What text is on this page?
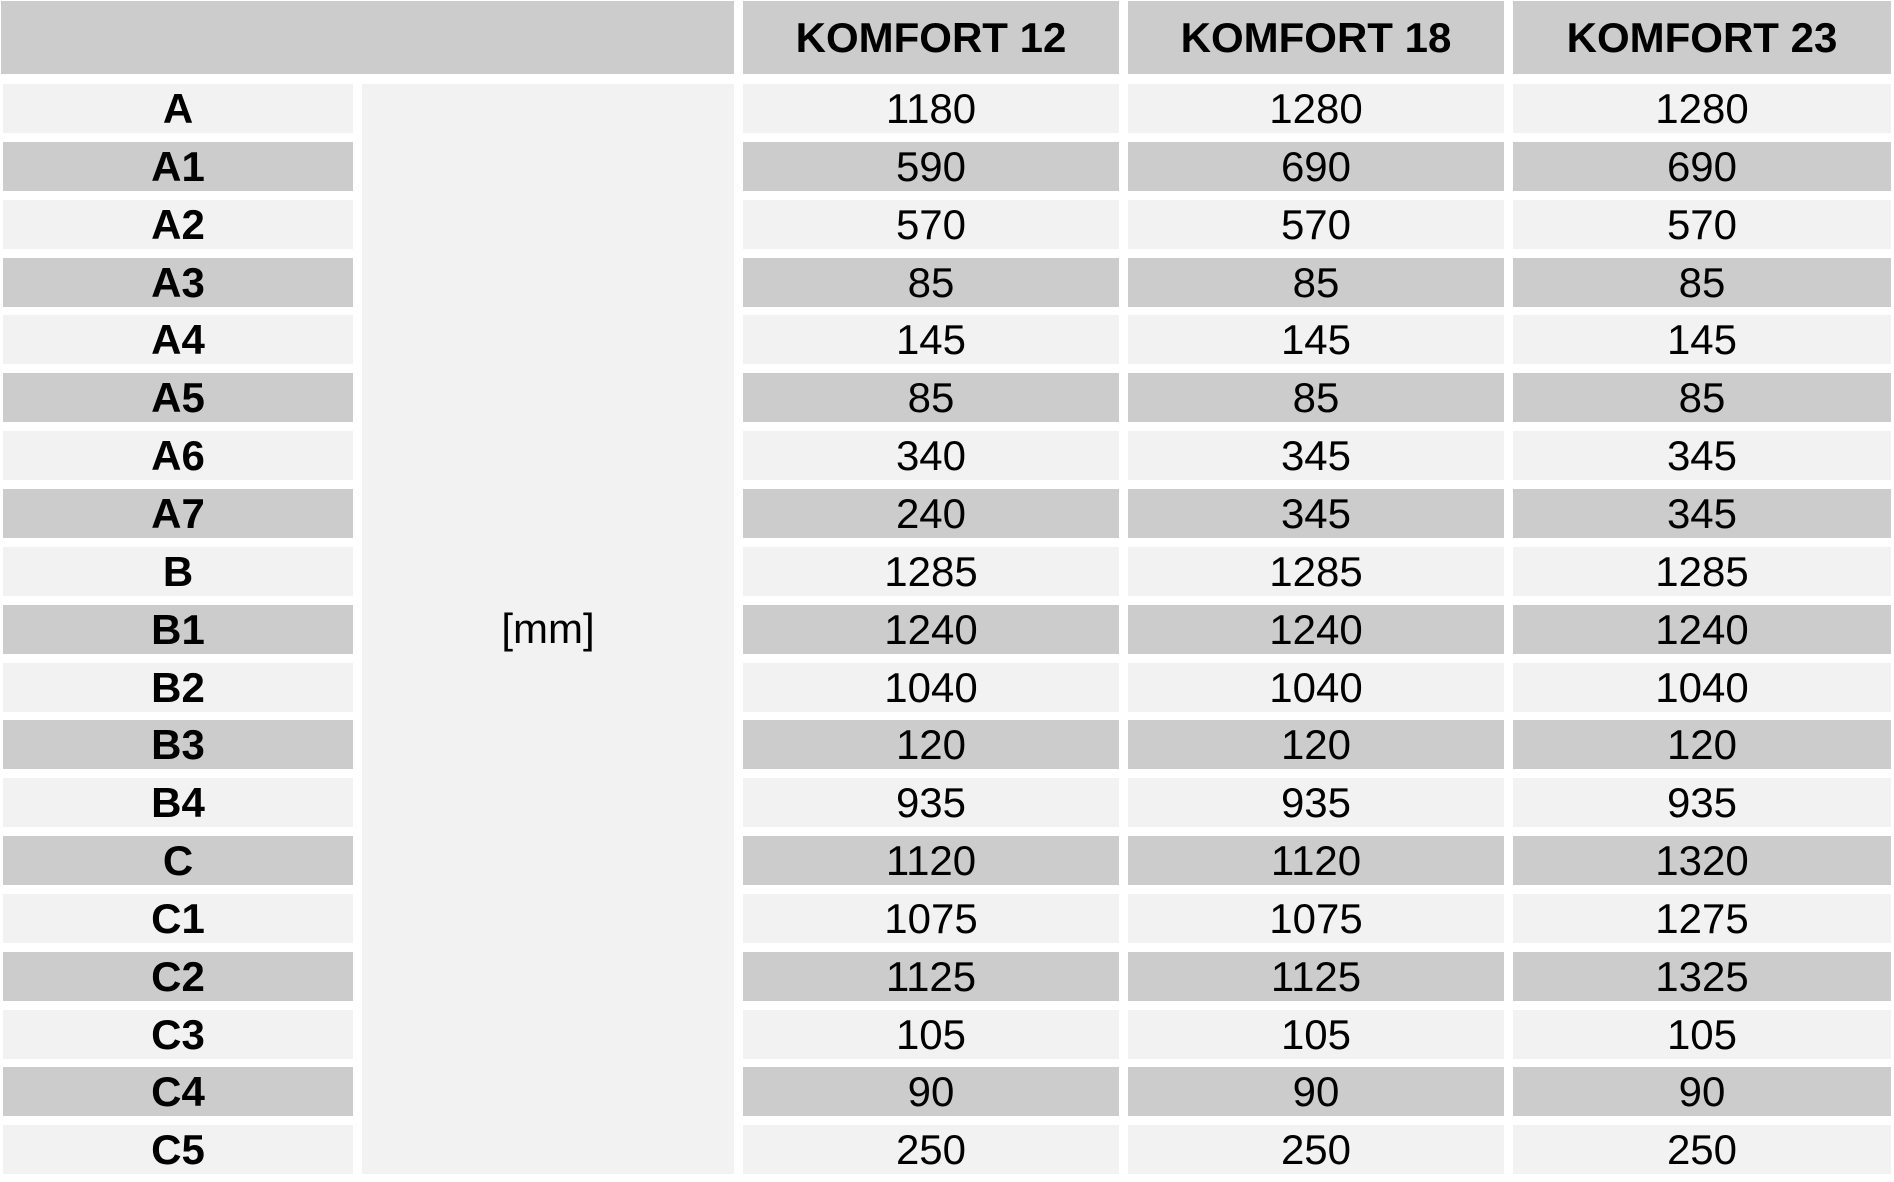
KOMFORT 12	KOMFORT 18	KOMFORT 23
A	1180	1280	1280
A1	590	690	690
A2	570	570	570
A3	85	85	85
A4	145	145	145
A5	85	85	85
A6	340	345	345
A7	240	345	345
B	1285	1285	1285
B1	1240	1240	1240
B2	1040	1040	1040
B3	120	120	120
B4	935	935	935
C	1120	1120	1320
C1	1075	1075	1275
C2	1125	1125	1325
C3	105	105	105
C4	90	90	90
C5	250	250	250
[mm]
